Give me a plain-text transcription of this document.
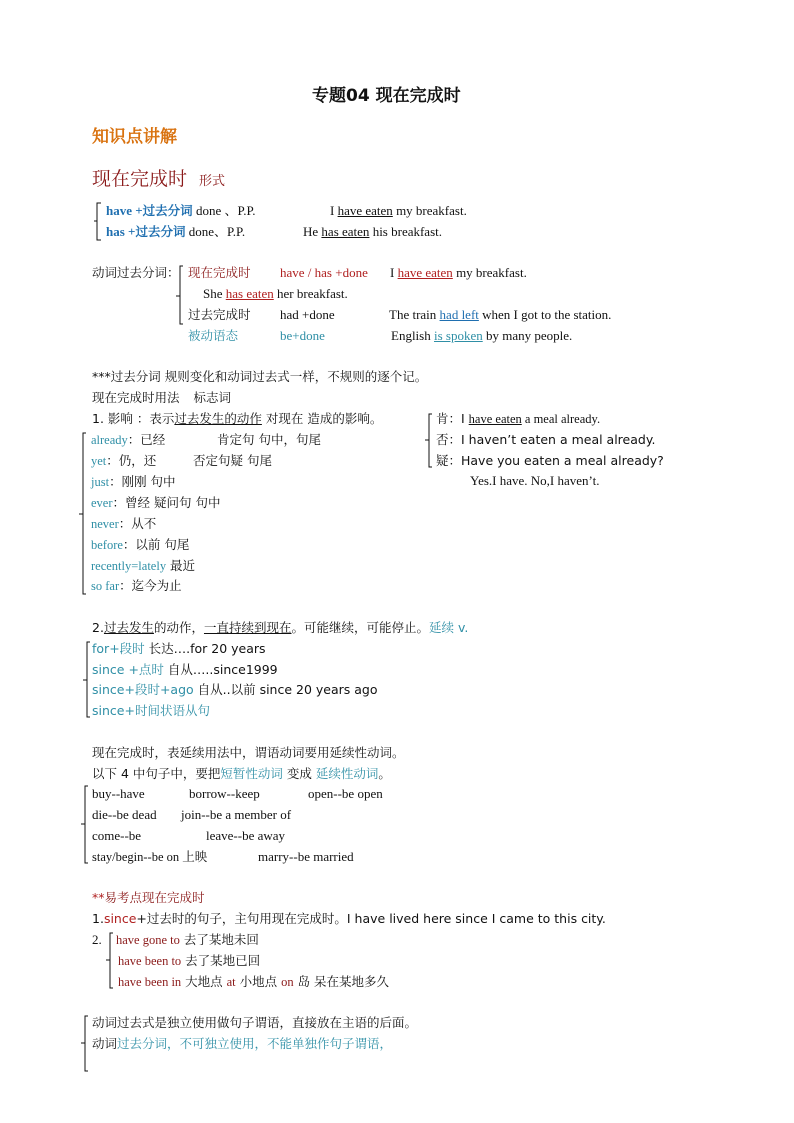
专题04 现在完成时
知识点讲解
现在完成时 形式
have +过去分词 done 、P.P.	I have eaten my breakfast.
has +过去分词 done、P.P.	He has eaten his breakfast.
动词过去分词： 现在完成时 have / has +done I have eaten my breakfast.
She has eaten her breakfast.
过去完成时 had +done	The train had left when I got to the station.
被动语态	be+done	English is spoken by many people.
***过去分词 规则变化和动词过去式一样，不规则的逐个记。
现在完成时用法 标志词
1. 影响 ：表示过去发生的动作 对现在 造成的影响。	肯：I have eaten a meal already.
否：I haven’t eaten a meal already.
疑：Have you eaten a meal already?
Yes.I have. No,I haven’t.
already：已经	肯定句 句中，句尾
yet：仍，还	否定句疑 句尾
just：刚刚 句中
ever：曾经 疑问句 句中
never：从不
before：以前 句尾
recently=lately 最近
so far：迄今为止
2.过去发生的动作，一直持续到现在。可能继续，可能停止。延续 v.
for+段时 长达….for 20 years
since +点时 自从…..since1999
since+段时+ago 自从..以前 since 20 years ago
since+时间状语从句
现在完成时，表延续用法中，谓语动词要用延续性动词。
以下 4 中句子中，要把短暂性动词 变成 延续性动词。
buy--have	borrow--keep	open--be open
die--be dead join--be a member of
come--be	leave--be away
stay/begin--be on 上映	marry--be married
**易考点现在完成时
1.since+过去时的句子，主句用现在完成时。I have lived here since I came to this city.
2. have gone to 去了某地未回
have been to 去了某地已回
have been in 大地点 at 小地点 on 岛 呆在某地多久
动词过去式是独立使用做句子谓语，直接放在主语的后面。
动词过去分词，不可独立使用，不能单独作句子谓语，
